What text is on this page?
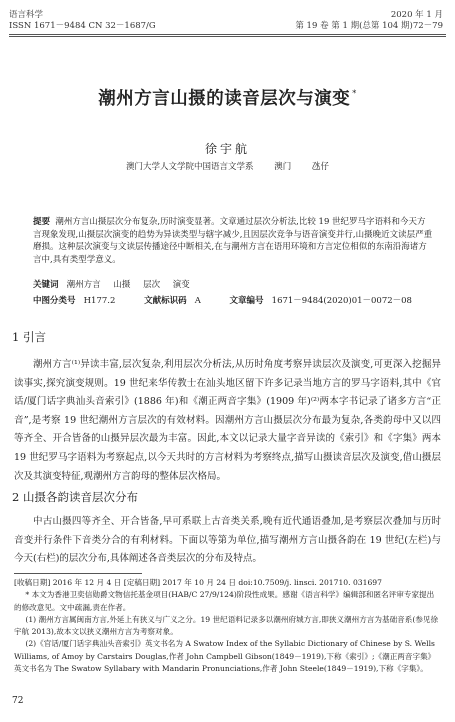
语言科学
ISSN 1671－9484 CN 32－1687/G
2020 年 1 月
第 19 卷 第 1 期(总第 104 期)72－79
潮州方言山摄的读音层次与演变 *
徐宇航
澳门大学人文学院中国语言文学系 澳门 氹仔
提要 潮州方言山摄层次分布复杂,历时演变显著。文章通过层次分析法,比较 19 世纪罗马字语料和今天方言现象发现,山摄层次演变的趋势为异读类型与辖字减少,且因层次竞争与语音演变并行,山摄晚近文读层严重磨损。这种层次演变与文读层传播途径中断相关,在与潮州方言在语用环境和方言定位相似的东南沿海诸方言中,具有类型学意义。
关键词 潮州方言 山摄 层次 演变
中图分类号 H177.2	文献标识码 A	文章编号 1671－9484(2020)01－0072－08
1 引言
潮州方言⁽¹⁾异读丰富,层次复杂,利用层次分析法,从历时角度考察异读层次及演变,可更深入挖掘异读事实,探究演变规则。19 世纪来华传教士在汕头地区留下许多记录当地方言的罗马字语料,其中《官话/厦门话字典汕头音索引》(1886 年)和《潮正两音字集》(1909 年)⁽²⁾两本字书记录了诸多方言“正音”,是考察 19 世纪潮州方言层次的有效材料。因潮州方言山摄层次分布最为复杂,各类韵母中又以四等齐全、开合皆备的山摄异层次最为丰富。因此,本文以记录大量字音异读的《索引》和《字集》两本 19 世纪罗马字语料为考察起点,以今天共时的方言材料为考察终点,描写山摄读音层次及演变,借山摄层次及其演变特征,观潮州方言韵母的整体层次格局。
2 山摄各韵读音层次分布
中古山摄四等齐全、开合皆备,早可系联上古音类关系,晚有近代通语叠加,是考察层次叠加与历时音变并行条件下音类分合的有利材料。下面以等第为单位,描写潮州方言山摄各韵在 19 世纪(左栏)与今天(右栏)的层次分布,具体阐述各音类层次的分布及特点。

[收稿日期] 2016 年 12 月 4 日 [定稿日期] 2017 年 10 月 24 日 doi:10.7509/j. linsci. 201710. 031697

* 本文为香港卫奕信勋爵文物信托基金项目(HAB/C 27/9/124)阶段性成果。感谢《语言科学》编辑部和匿名评审专家提出的修改意见。文中疏漏,责在作者。

(1) 潮州方言属闽南方言,外延上有狭义与广义之分。19 世纪语料记录多以潮州府城方言,即狭义潮州方言为基础音系(参见徐宇航 2013),故本文以狭义潮州方言为考察对象。

(2)《官话/厦门话字典汕头音索引》英文书名为 A Swatow Index of the Syllabic Dictionary of Chinese by S. Wells Williams, of Amoy by Carstairs Douglas,作者 John Campbell Gibson(1849－1919),下称《索引》;《潮正两音字集》英文书名为 The Swatow Syllabary with Mandarin Pronunciations,作者 John Steele(1849－1919),下称《字集》。

72
